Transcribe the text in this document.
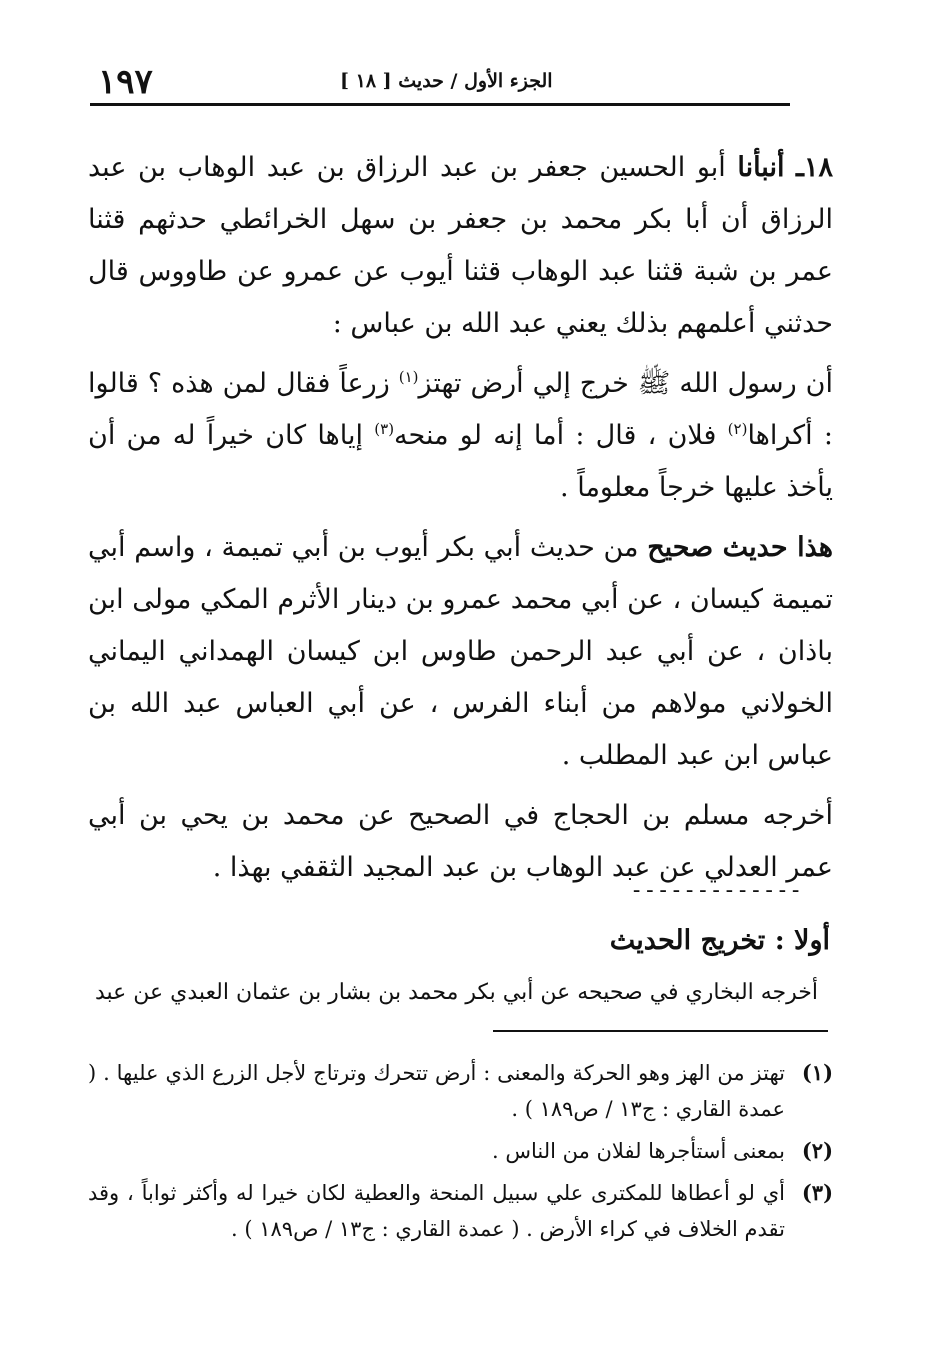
الجزء الأول / حديث [ ١٨ ]
١٩٧

١٨ـ أنبأنا أبو الحسين جعفر بن عبد الرزاق بن عبد الوهاب بن عبد الرزاق أن أبا بكر محمد بن جعفر بن سهل الخرائطي حدثهم قثنا عمر بن شبة قثنا عبد الوهاب قثنا أيوب عن عمرو عن طاووس قال حدثني أعلمهم بذلك يعني عبد الله بن عباس :

أن رسول الله ﷺ خرج إلي أرض تهتز$^{(١)}$ زرعاً فقال لمن هذه ؟ قالوا : أكراها$^{(٢)}$ فلان ، قال : أما إنه لو منحه$^{(٣)}$ إياها كان خيراً له من أن يأخذ عليها خرجاً معلوماً .

هذا حديث صحيح من حديث أبي بكر أيوب بن أبي تميمة ، واسم أبي تميمة كيسان ، عن أبي محمد عمرو بن دينار الأثرم المكي مولى ابن باذان ، عن أبي عبد الرحمن طاوس ابن كيسان الهمداني اليماني الخولاني مولاهم من أبناء الفرس ، عن أبي العباس عبد الله بن عباس ابن عبد المطلب .

أخرجه مسلم بن الحجاج في الصحيح عن محمد بن يحي بن أبي عمر العدلي عن عبد الوهاب بن عبد المجيد الثقفي بهذا .

-------------
أولا : تخريج الحديث
أخرجه البخاري في صحيحه عن أبي بكر محمد بن بشار بن عثمان العبدي عن عبد
(١)
تهتز من الهز وهو الحركة والمعنى : أرض تتحرك وترتاج لأجل الزرع الذي عليها . ( عمدة القاري : ج١٣ / ص١٨٩ ) .
(٢)
بمعنى أستأجرها لفلان من الناس .
(٣)
أي لو أعطاها للمكترى علي سبيل المنحة والعطية لكان خيرا له وأكثر ثواباً ، وقد تقدم الخلاف في كراء الأرض . ( عمدة القاري : ج١٣ / ص١٨٩ ) .
